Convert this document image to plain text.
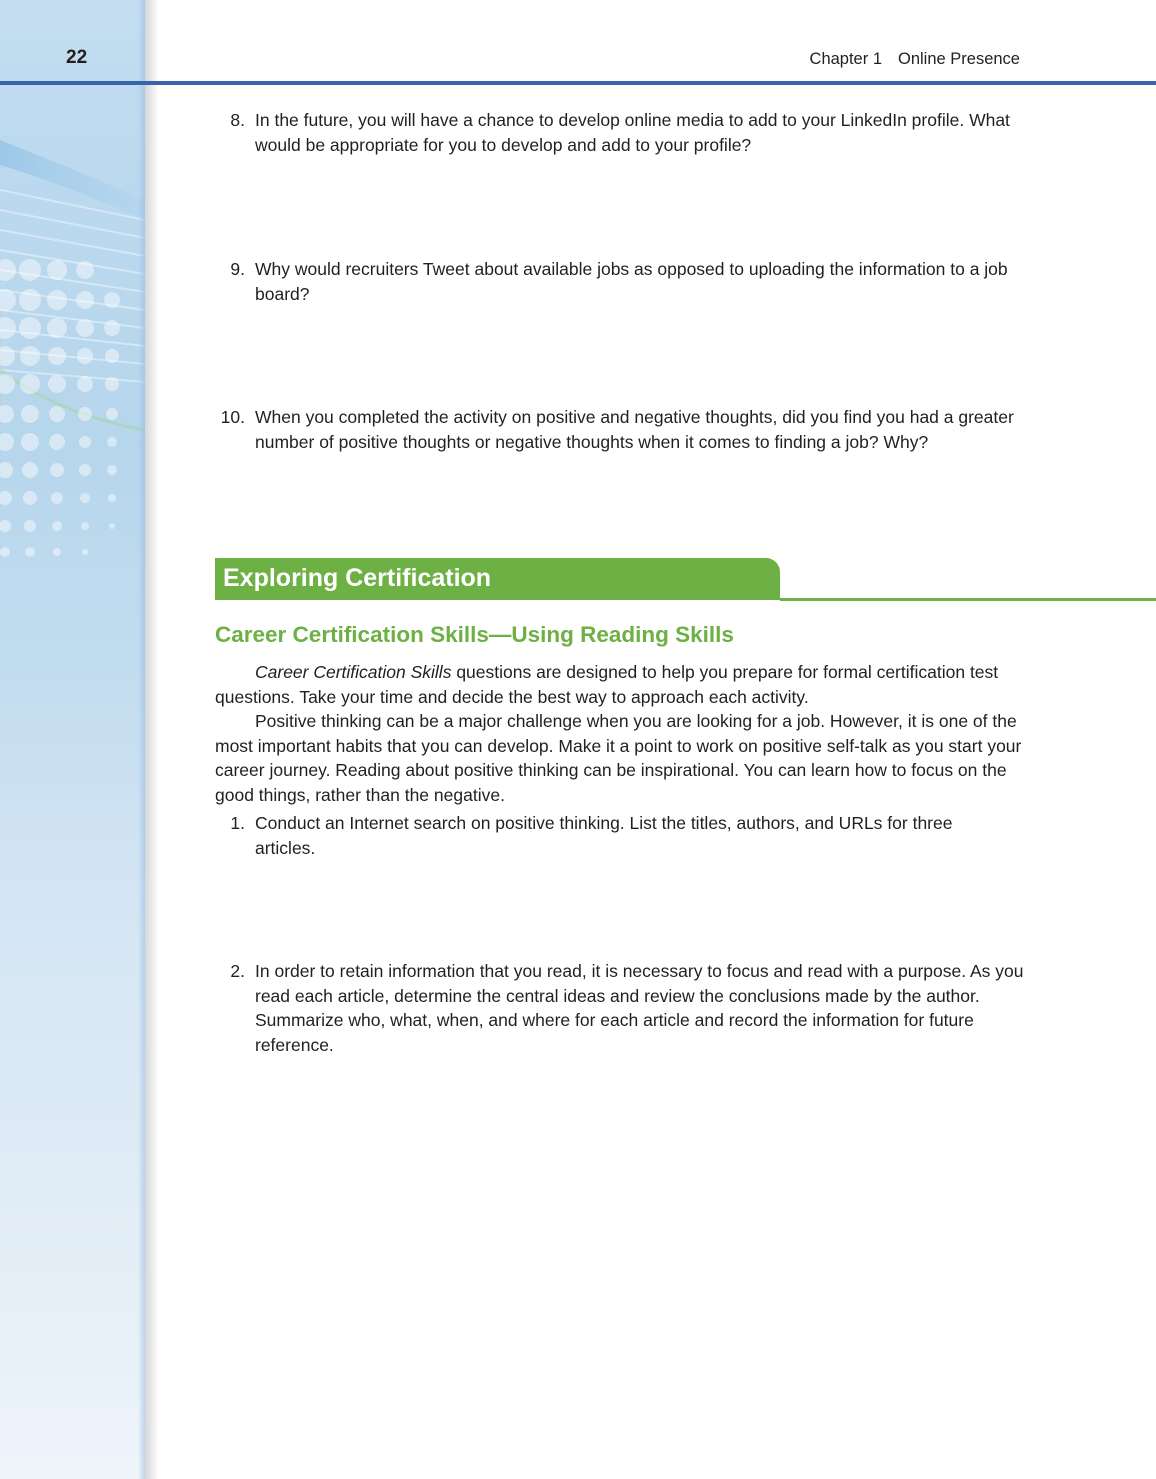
22	Chapter 1 Online Presence
8. In the future, you will have a chance to develop online media to add to your LinkedIn profile. What would be appropriate for you to develop and add to your profile?
9. Why would recruiters Tweet about available jobs as opposed to uploading the information to a job board?
10. When you completed the activity on positive and negative thoughts, did you find you had a greater number of positive thoughts or negative thoughts when it comes to finding a job? Why?
Exploring Certification
Career Certification Skills—Using Reading Skills

Career Certification Skills questions are designed to help you prepare for formal certification test questions. Take your time and decide the best way to approach each activity.

Positive thinking can be a major challenge when you are looking for a job. However, it is one of the most important habits that you can develop. Make it a point to work on positive self-talk as you start your career journey. Reading about positive thinking can be inspirational. You can learn how to focus on the good things, rather than the negative.

1. Conduct an Internet search on positive thinking. List the titles, authors, and URLs for three articles.
2. In order to retain information that you read, it is necessary to focus and read with a purpose. As you read each article, determine the central ideas and review the conclusions made by the author. Summarize who, what, when, and where for each article and record the information for future reference.
